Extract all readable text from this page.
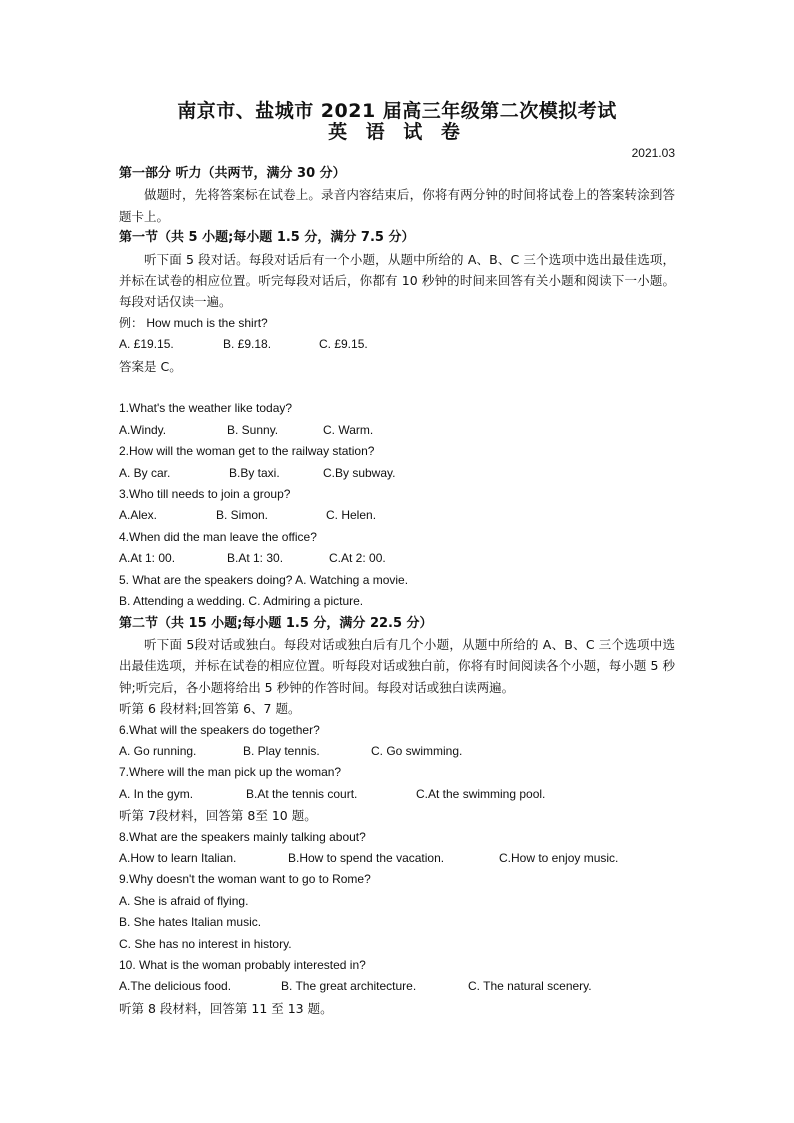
南京市、盐城市 2021 届高三年级第二次模拟考试
英 语 试 卷
2021.03
第一部分 听力（共两节，满分 30 分）
做题时，先将答案标在试卷上。录音内容结束后，你将有两分钟的时间将试卷上的答案转涂到答题卡上。
第一节（共 5 小题;每小题 1.5 分，满分 7.5 分）
听下面 5 段对话。每段对话后有一个小题，从题中所给的 A、B、C 三个选项中选出最佳选项，并标在试卷的相应位置。听完每段对话后，你都有 10 秒钟的时间来回答有关小题和阅读下一小题。每段对话仅读一遍。
例： How much is the shirt?
A. £19.15.	B. £9.18.	C. £9.15.
答案是 C。
1.What's the weather like today?
A.Windy.	B. Sunny.	C. Warm.
2.How will the woman get to the railway station?
A. By car.	B.By taxi.	C.By subway.
3.Who till needs to join a group?
A.Alex.	B. Simon.	C. Helen.
4.When did the man leave the office?
A.At 1: 00.	B.At 1: 30.	C.At 2: 00.
5. What are the speakers doing? A. Watching a movie.
B. Attending a wedding. C. Admiring a picture.
第二节（共 15 小题;每小题 1.5 分，满分 22.5 分）
听下面 5段对话或独白。每段对话或独白后有几个小题，从题中所给的 A、B、C 三个选项中选出最佳选项，并标在试卷的相应位置。听每段对话或独白前，你将有时间阅读各个小题，每小题 5 秒钟;听完后，各小题将给出 5 秒钟的作答时间。每段对话或独白读两遍。
听第 6 段材料;回答第 6、7 题。
6.What will the speakers do together?
A. Go running.	B. Play tennis.	C. Go swimming.
7.Where will the man pick up the woman?
A. In the gym.	B.At the tennis court.	C.At the swimming pool.
听第 7段材料，回答第 8至 10 题。
8.What are the speakers mainly talking about?
A.How to learn Italian.	B.How to spend the vacation.	C.How to enjoy music.
9.Why doesn't the woman want to go to Rome?
A. She is afraid of flying.
B. She hates Italian music.
C. She has no interest in history.
10. What is the woman probably interested in?
A.The delicious food.	B. The great architecture.	C. The natural scenery.
听第 8 段材料，回答第 11 至 13 题。
